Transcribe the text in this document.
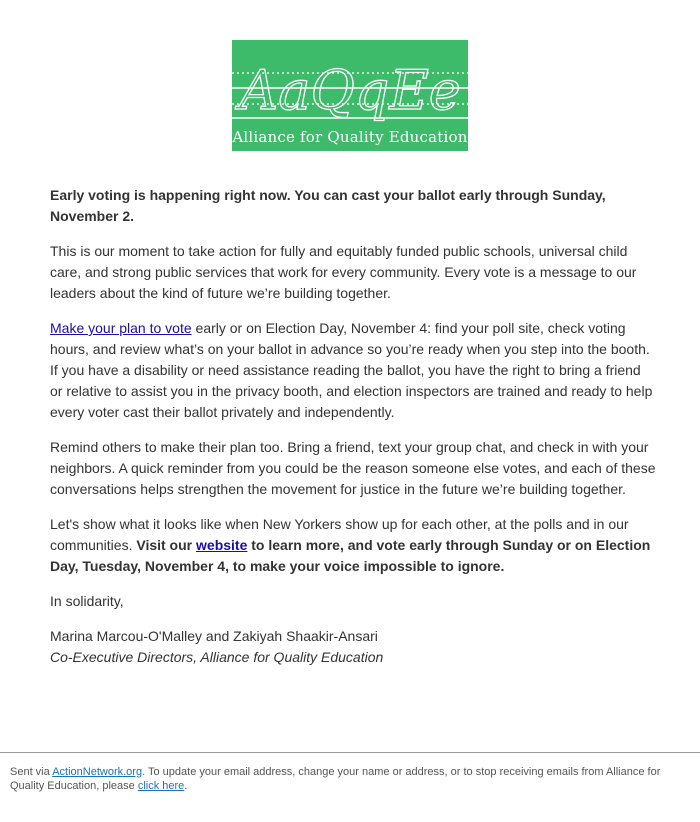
AaQqEe
Alliance for Quality Education

Early voting is happening right now. You can cast your ballot early through Sunday, November 2.

This is our moment to take action for fully and equitably funded public schools, universal child care, and strong public services that work for every community. Every vote is a message to our leaders about the kind of future we’re building together.

Make your plan to vote early or on Election Day, November 4: find your poll site, check voting hours, and review what’s on your ballot in advance so you’re ready when you step into the booth. If you have a disability or need assistance reading the ballot, you have the right to bring a friend or relative to assist you in the privacy booth, and election inspectors are trained and ready to help every voter cast their ballot privately and independently.

Remind others to make their plan too. Bring a friend, text your group chat, and check in with your neighbors. A quick reminder from you could be the reason someone else votes, and each of these conversations helps strengthen the movement for justice in the future we’re building together.

Let's show what it looks like when New Yorkers show up for each other, at the polls and in our communities. Visit our website to learn more, and vote early through Sunday or on Election Day, Tuesday, November 4, to make your voice impossible to ignore.

In solidarity,

Marina Marcou-O'Malley and Zakiyah Shaakir-Ansari

Co-Executive Directors, Alliance for Quality Education

Sent via ActionNetwork.org. To update your email address, change your name or address, or to stop receiving emails from Alliance for Quality Education, please click here.
